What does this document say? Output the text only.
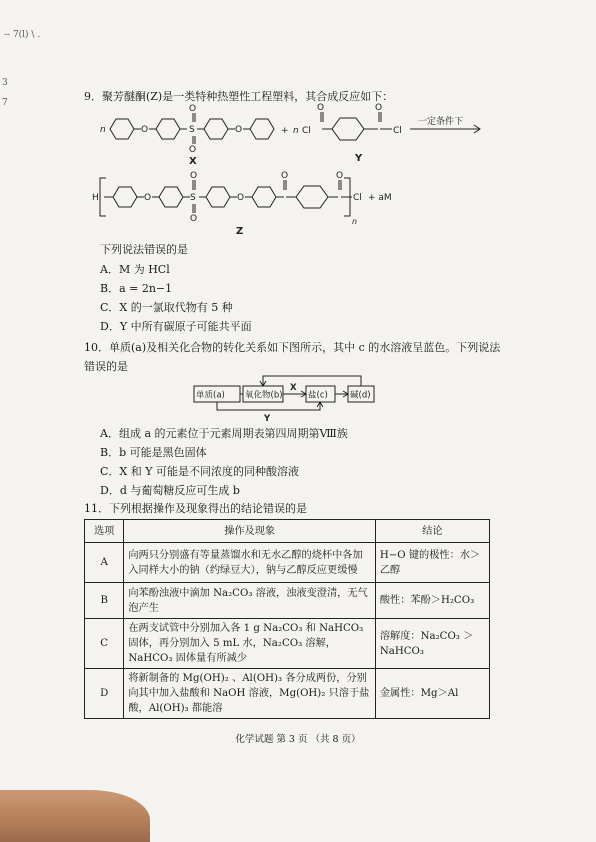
-- 7(l) \ .
3
7	9．聚芳醚酮(Z)是一类特种热塑性工程塑料，其合成反应如下：
n	O	S
O
O
O
X
+ n Cl
O	O
Cl
Y
一定条件下
H	O	S
O
O
O
O	O
Cl
n
+ aM
Z
下列说法错误的是
A．M 为 HCl
B．a = 2n−1
C．X 的一氯取代物有 5 种
D．Y 中所有碳原子可能共平面
10．单质(a)及相关化合物的转化关系如下图所示，其中 c 的水溶液呈蓝色。下列说法错误的是
单质(a) 氧化物(b)	盐(c)	碱(d)
X
Y
A．组成 a 的元素位于元素周期表第四周期第Ⅷ族
B．b 可能是黑色固体
C．X 和 Y 可能是不同浓度的同种酸溶液
D．d 与葡萄糖反应可生成 b
11．下列根据操作及现象得出的结论错误的是
选项	操作及现象	结论
A	向两只分别盛有等量蒸馏水和无水乙醇的烧杯中各加入同样大小的钠（约绿豆大），钠与乙醇反应更缓慢	H−O 键的极性：水＞乙醇
B	向苯酚浊液中滴加 Na₂CO₃ 溶液，浊液变澄清，无气泡产生	酸性：苯酚＞H₂CO₃
C	在两支试管中分别加入各 1 g Na₂CO₃ 和 NaHCO₃ 固体，再分别加入 5 mL 水，Na₂CO₃ 溶解，NaHCO₃ 固体量有所减少	溶解度：Na₂CO₃ ＞ NaHCO₃
D	将新制备的 Mg(OH)₂ 、Al(OH)₃ 各分成两份，分别向其中加入盐酸和 NaOH 溶液，Mg(OH)₂ 只溶于盐酸，Al(OH)₃ 都能溶	金属性：Mg＞Al
化学试题 第 3 页 （共 8 页）
